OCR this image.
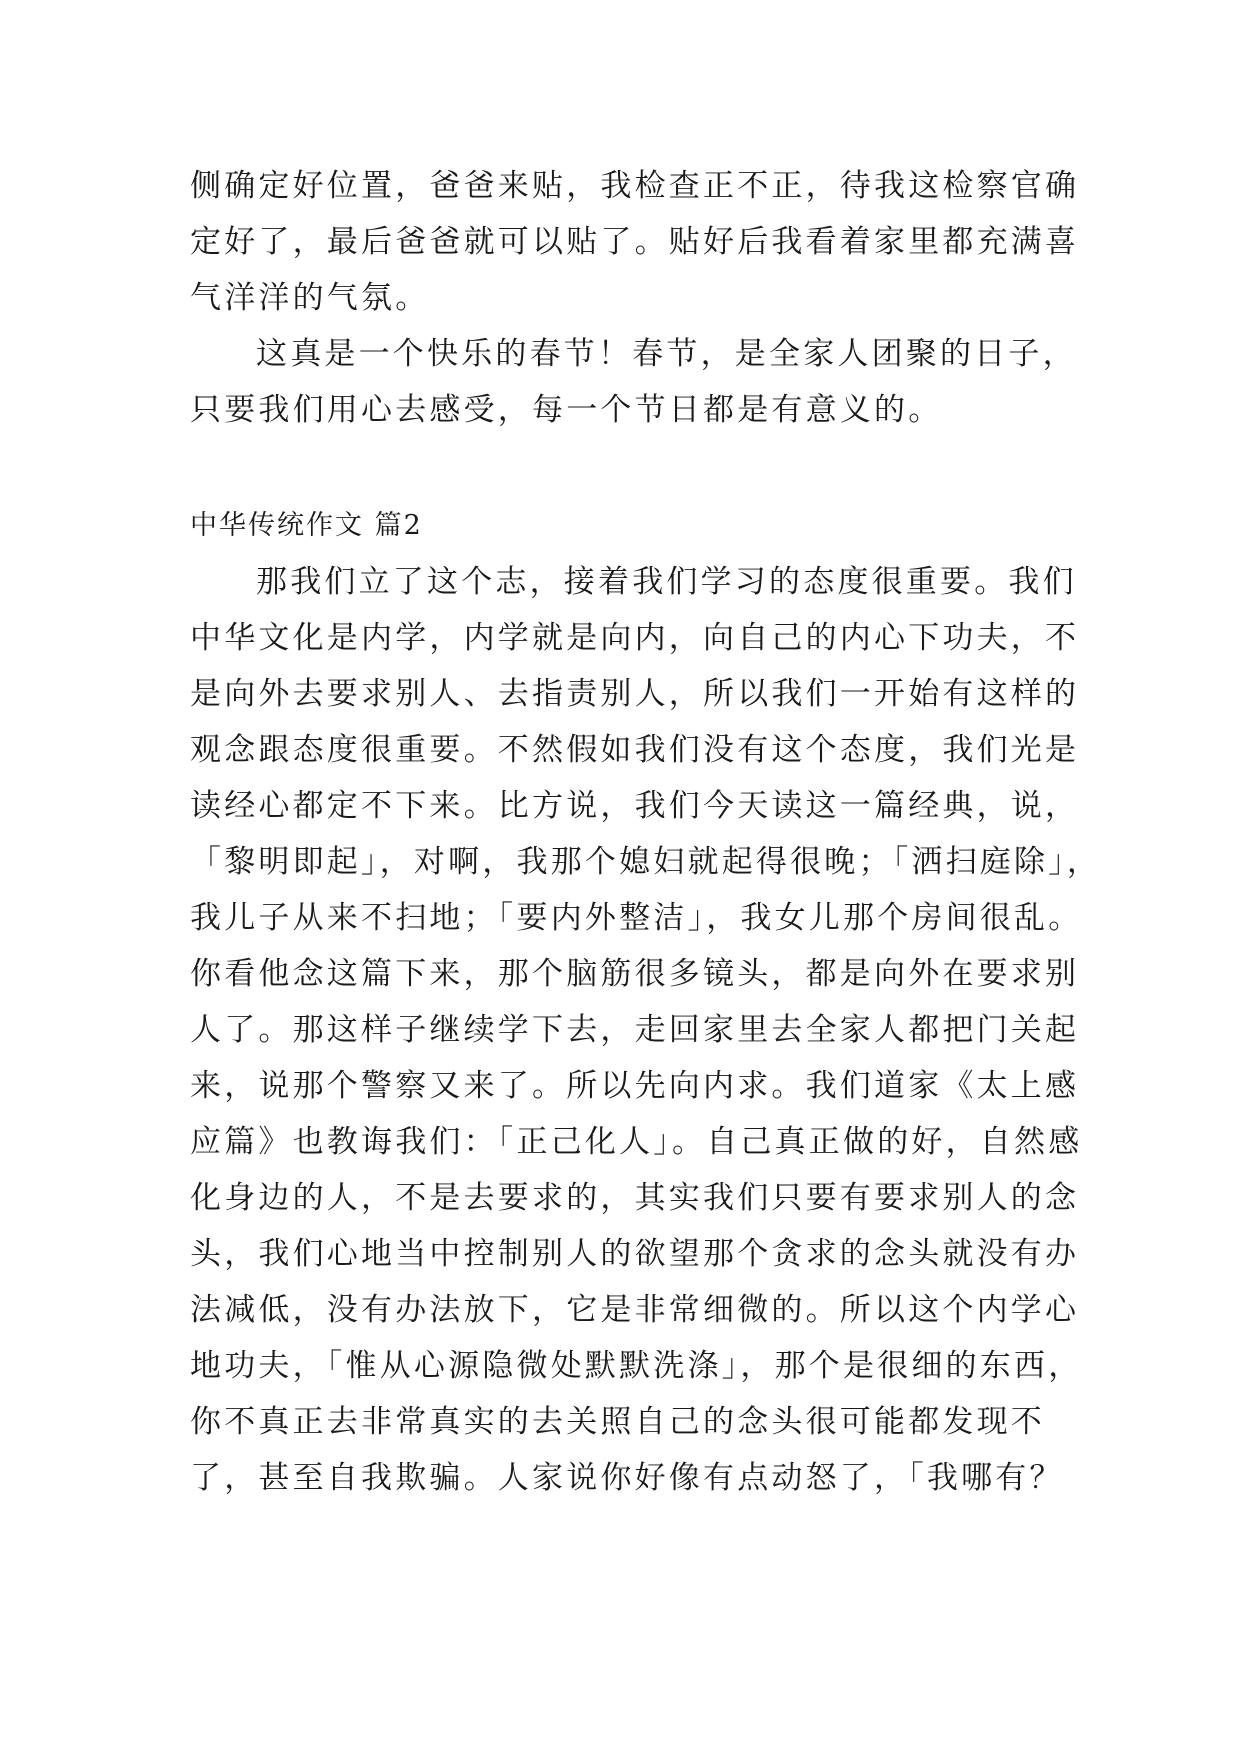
侧确定好位置，爸爸来贴，我检查正不正，待我这检察官确
定好了，最后爸爸就可以贴了。贴好后我看着家里都充满喜
气洋洋的气氛。
这真是一个快乐的春节！春节，是全家人团聚的日子，
只要我们用心去感受，每一个节日都是有意义的。
中华传统作文 篇2
那我们立了这个志，接着我们学习的态度很重要。我们
中华文化是内学，内学就是向内，向自己的内心下功夫，不
是向外去要求别人、去指责别人，所以我们一开始有这样的
观念跟态度很重要。不然假如我们没有这个态度，我们光是
读经心都定不下来。比方说，我们今天读这一篇经典，说，
「黎明即起」，对啊，我那个媳妇就起得很晚；「洒扫庭除」，
我儿子从来不扫地；「要内外整洁」，我女儿那个房间很乱。
你看他念这篇下来，那个脑筋很多镜头，都是向外在要求别
人了。那这样子继续学下去，走回家里去全家人都把门关起
来，说那个警察又来了。所以先向内求。我们道家《太上感
应篇》也教诲我们：「正己化人」。自己真正做的好，自然感
化身边的人，不是去要求的，其实我们只要有要求别人的念
头，我们心地当中控制别人的欲望那个贪求的念头就没有办
法减低，没有办法放下，它是非常细微的。所以这个内学心
地功夫，「惟从心源隐微处默默洗涤」，那个是很细的东西，
你不真正去非常真实的去关照自己的念头很可能都发现不
了，甚至自我欺骗。人家说你好像有点动怒了，「我哪有？
